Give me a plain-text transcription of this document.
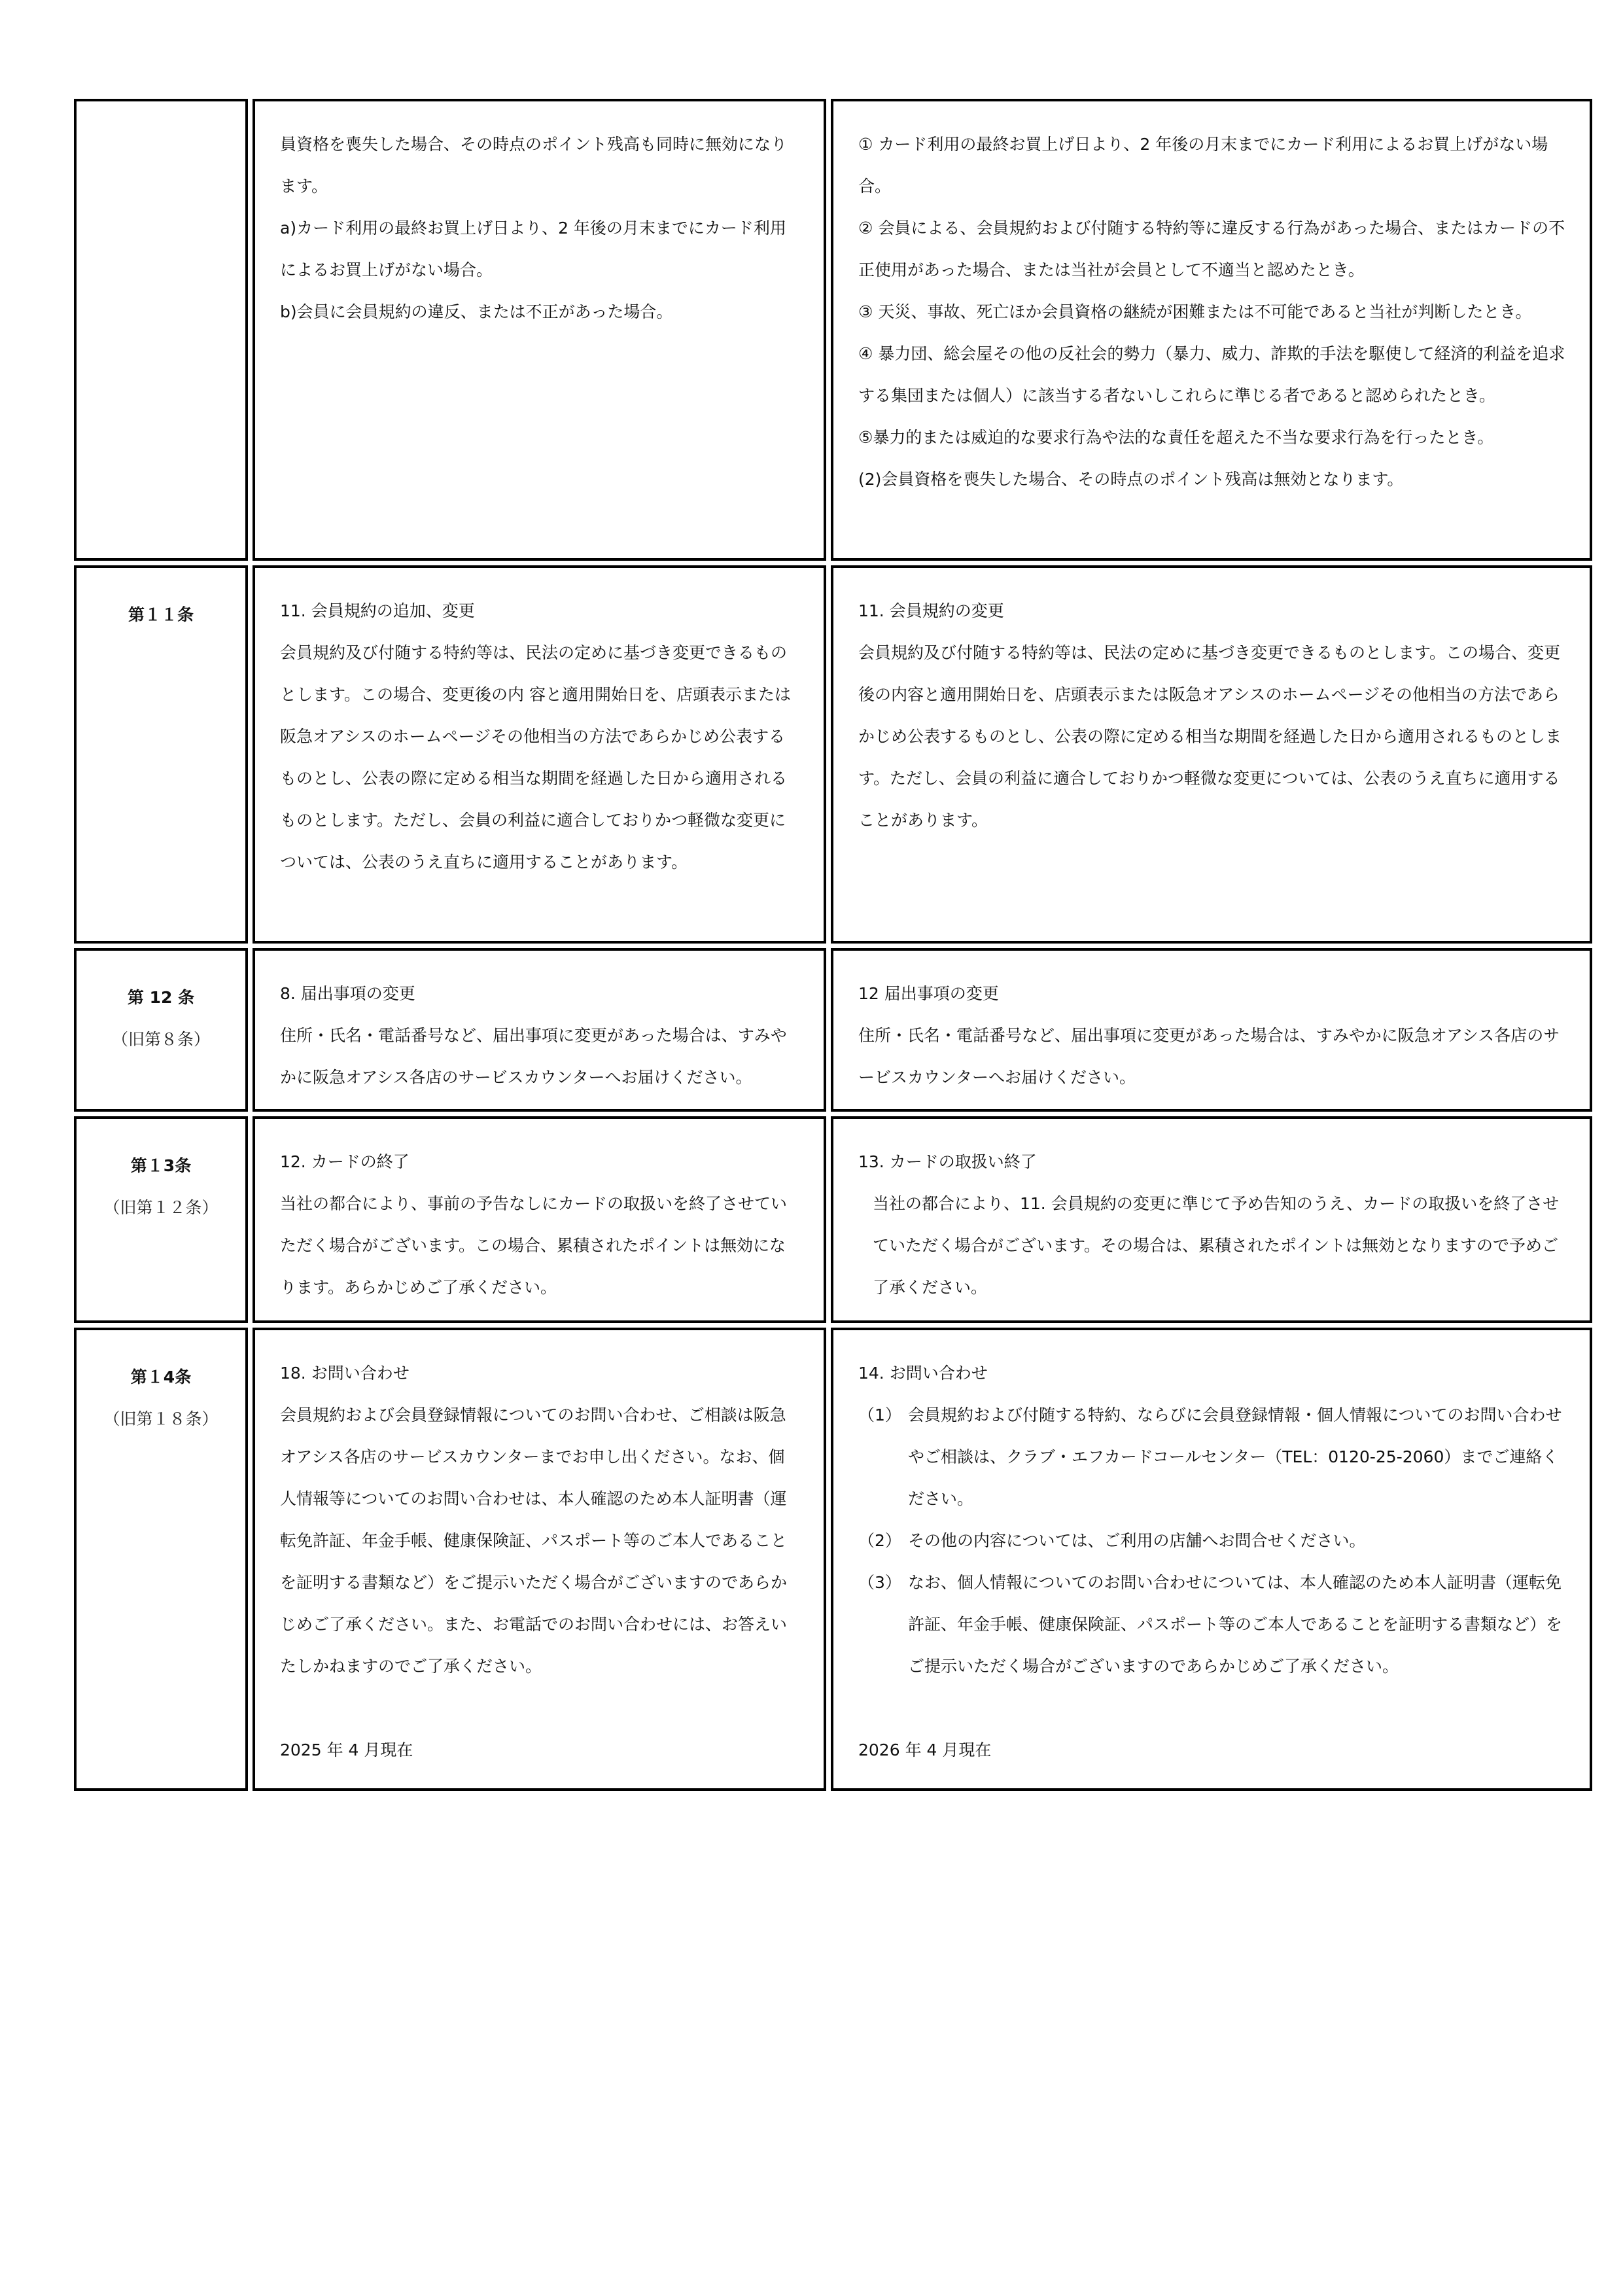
員資格を喪失した場合、その時点のポイント残高も同時に無効になります。
a)カード利用の最終お買上げ日より、2 年後の月末までにカード利用によるお買上げがない場合。
b)会員に会員規約の違反、または不正があった場合。
① カード利用の最終お買上げ日より、2 年後の月末までにカード利用によるお買上げがない場合。
② 会員による、会員規約および付随する特約等に違反する行為があった場合、またはカードの不正使用があった場合、または当社が会員として不適当と認めたとき。
③ 天災、事故、死亡ほか会員資格の継続が困難または不可能であると当社が判断したとき。
④ 暴力団、総会屋その他の反社会的勢力（暴力、威力、詐欺的手法を駆使して経済的利益を追求する集団または個人）に該当する者ないしこれらに準じる者であると認められたとき。
⑤暴力的または威迫的な要求行為や法的な責任を超えた不当な要求行為を行ったとき。
(2)会員資格を喪失した場合、その時点のポイント残高は無効となります。
第１１条	11. 会員規約の追加、変更
会員規約及び付随する特約等は、民法の定めに基づき変更できるものとします。この場合、変更後の内 容と適用開始日を、店頭表示または阪急オアシスのホームページその他相当の方法であらかじめ公表するものとし、公表の際に定める相当な期間を経過した日から適用されるものとします。ただし、会員の利益に適合しておりかつ軽微な変更については、公表のうえ直ちに適用することがあります。
11. 会員規約の変更
会員規約及び付随する特約等は、民法の定めに基づき変更できるものとします。この場合、変更後の内容と適用開始日を、店頭表示または阪急オアシスのホームページその他相当の方法であらかじめ公表するものとし、公表の際に定める相当な期間を経過した日から適用されるものとします。ただし、会員の利益に適合しておりかつ軽微な変更については、公表のうえ直ちに適用することがあります。
第 12 条
（旧第８条）
8. 届出事項の変更
住所・氏名・電話番号など、届出事項に変更があった場合は、すみやかに阪急オアシス各店のサービスカウンターへお届けください。
12 届出事項の変更
住所・氏名・電話番号など、届出事項に変更があった場合は、すみやかに阪急オアシス各店のサービスカウンターへお届けください。
第１3条
（旧第１２条）
12. カードの終了
当社の都合により、事前の予告なしにカードの取扱いを終了させていただく場合がございます。この場合、累積されたポイントは無効になります。あらかじめご了承ください。
13. カードの取扱い終了
当社の都合により、11. 会員規約の変更に準じて予め告知のうえ、カードの取扱いを終了させていただく場合がございます。その場合は、累積されたポイントは無効となりますので予めご了承ください。
第１4条
（旧第１８条）
18. お問い合わせ
会員規約および会員登録情報についてのお問い合わせ、ご相談は阪急オアシス各店のサービスカウンターまでお申し出ください。なお、個人情報等についてのお問い合わせは、本人確認のため本人証明書（運転免許証、年金手帳、健康保険証、パスポート等のご本人であることを証明する書類など）をご提示いただく場合がございますのであらかじめご了承ください。また、お電話でのお問い合わせには、お答えいたしかねますのでご了承ください。
2025 年 4 月現在
14. お問い合わせ
（1） 会員規約および付随する特約、ならびに会員登録情報・個人情報についてのお問い合わせやご相談は、クラブ・エフカードコールセンター（TEL：0120-25-2060）までご連絡ください。
（2） その他の内容については、ご利用の店舗へお問合せください。
（3） なお、個人情報についてのお問い合わせについては、本人確認のため本人証明書（運転免許証、年金手帳、健康保険証、パスポート等のご本人であることを証明する書類など）をご提示いただく場合がございますのであらかじめご了承ください。
2026 年 4 月現在
